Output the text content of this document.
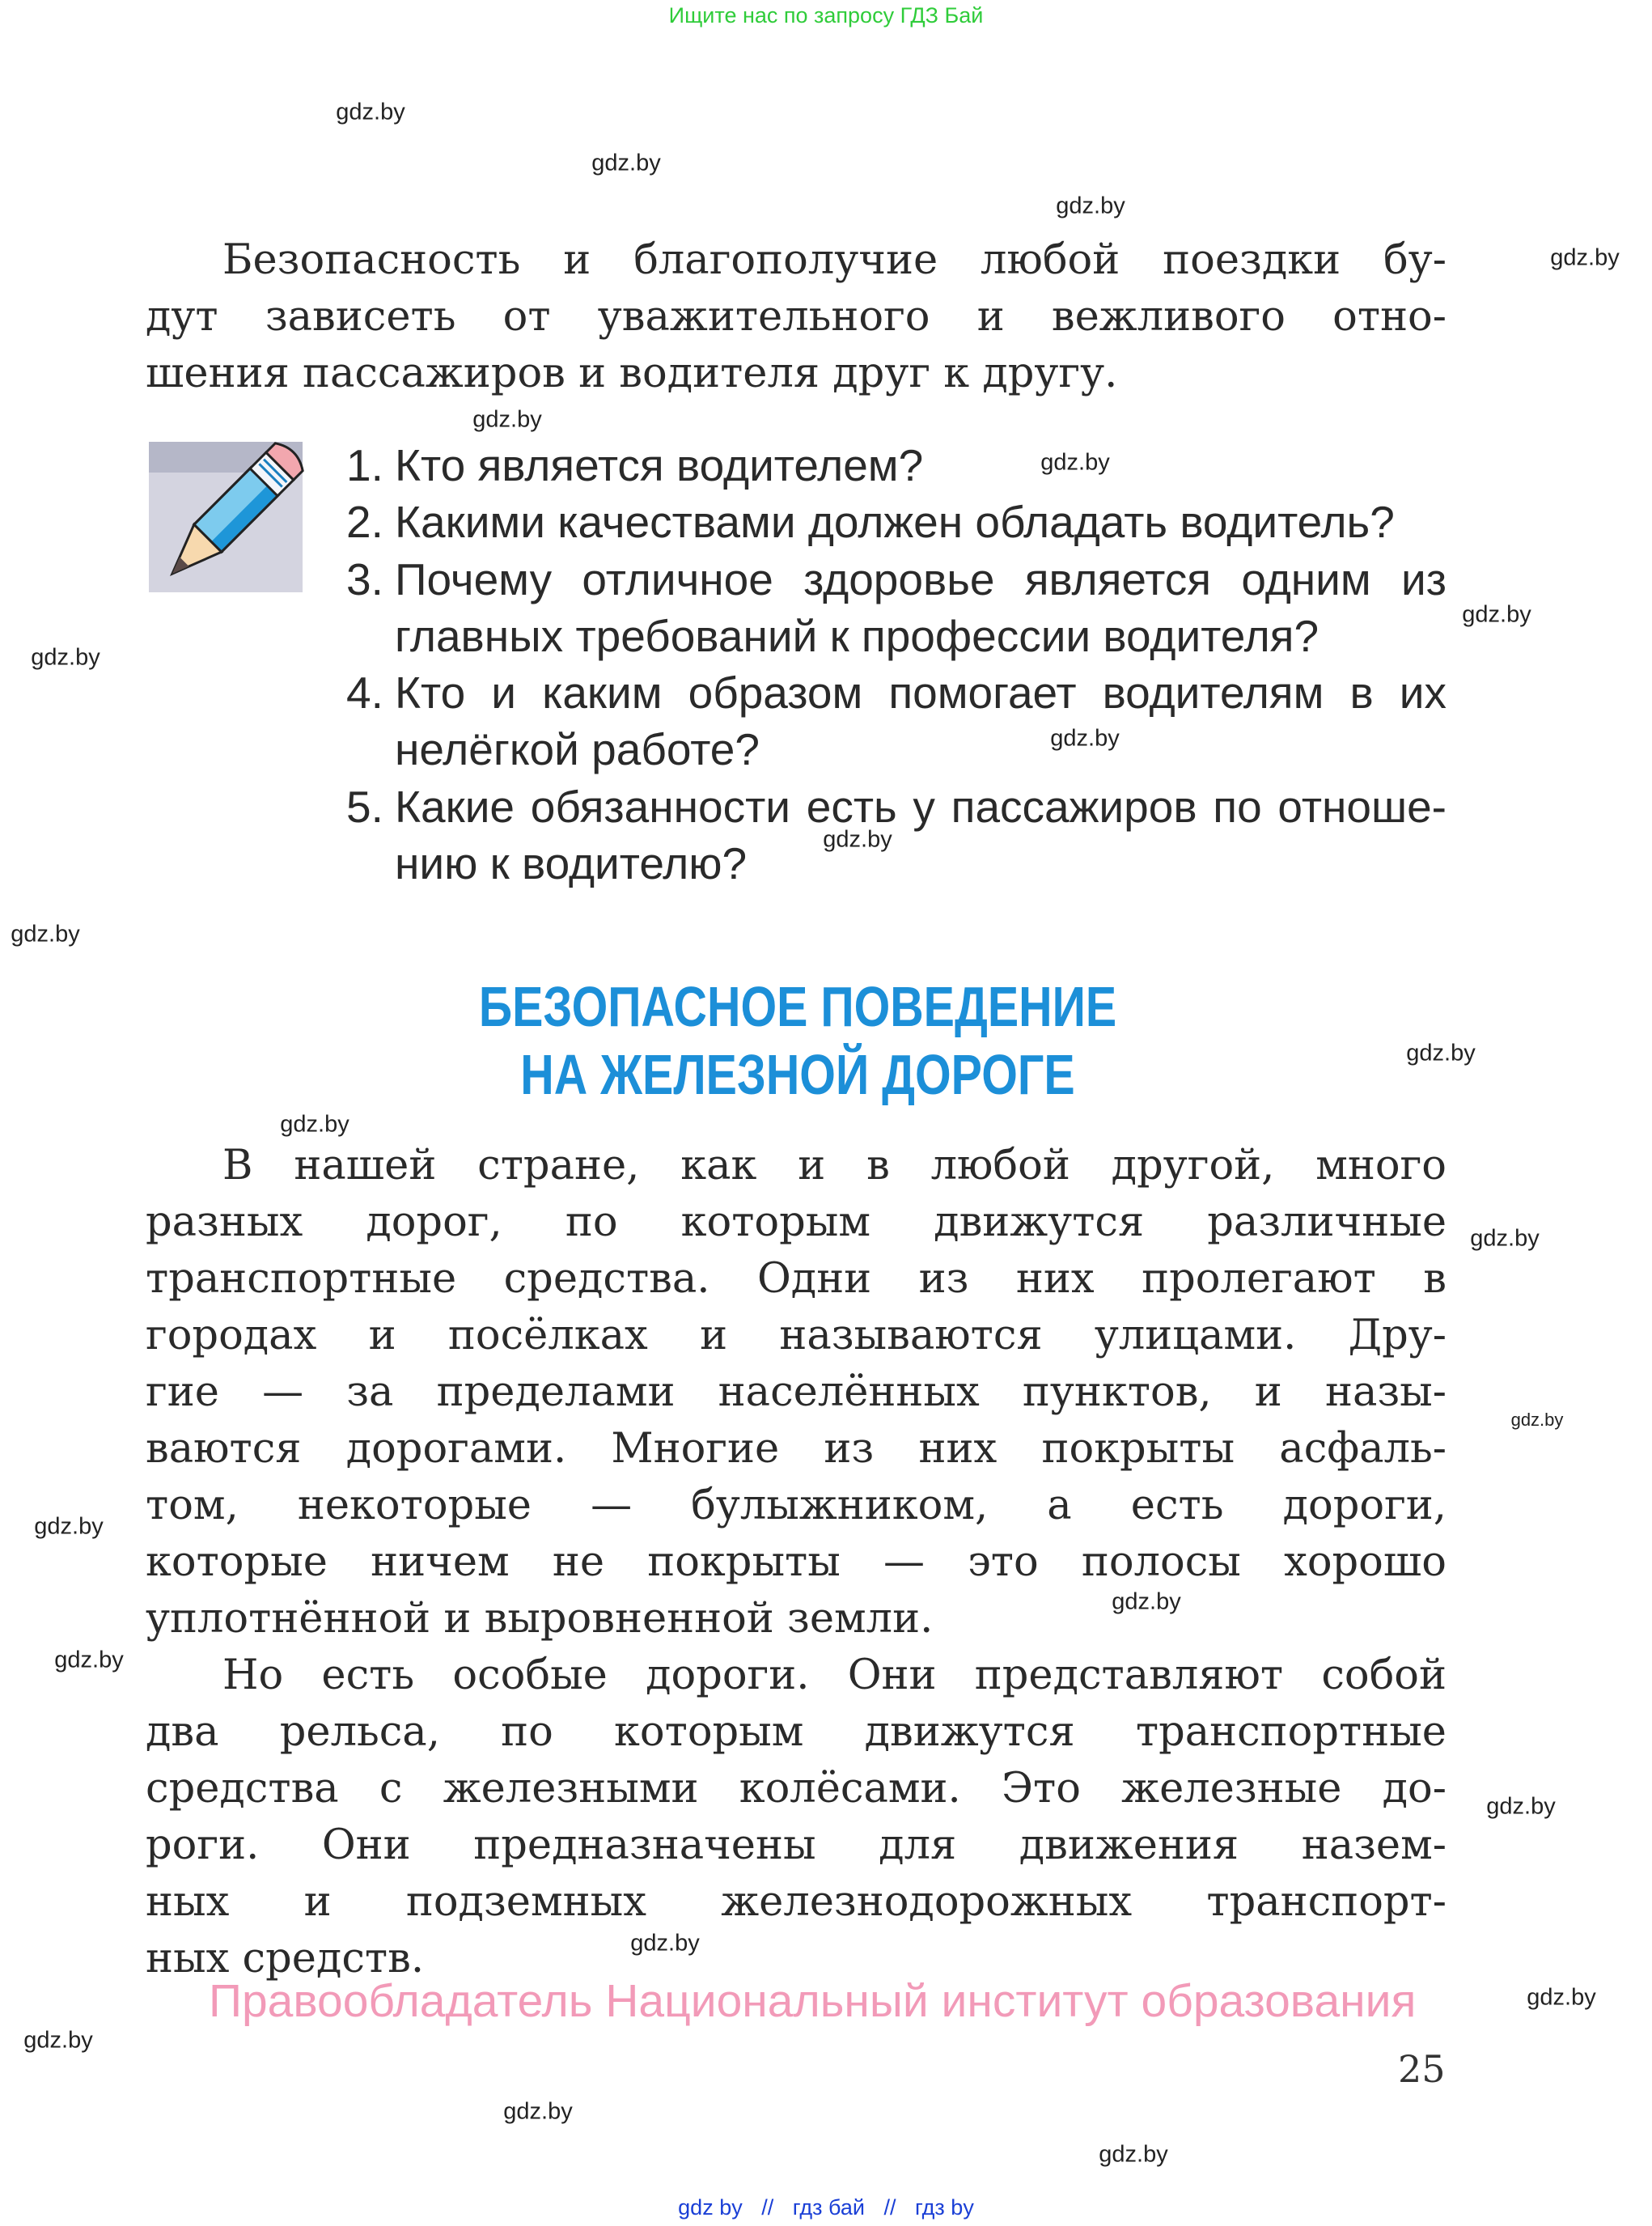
Ищите нас по запросу ГДЗ Бай
gdz.by
gdz.by
gdz.by
gdz.by
gdz.by
gdz.by
gdz.by
gdz.by
gdz.by
gdz.by
gdz.by
gdz.by
gdz.by
gdz.by
gdz.by
gdz.by
gdz.by
gdz.by
gdz.by
gdz.by
gdz.by
gdz.by
gdz.by
gdz.by
Безопасность и благополучие любой поездки бу-
дут зависеть от уважительного и вежливого отно-
шения пассажиров и водителя друг к другу.
1. Кто является водителем?
2. Какими качествами должен обладать водитель?
3. Почему отличное здоровье является одним из
главных требований к профессии водителя?
4. Кто и каким образом помогает водителям в их
нелёгкой работе?
5. Какие обязанности есть у пассажиров по отноше-
нию к водителю?
БЕЗОПАСНОЕ ПОВЕДЕНИЕ
НА ЖЕЛЕЗНОЙ ДОРОГЕ
В нашей стране, как и в любой другой, много
разных дорог, по которым движутся различные
транспортные средства. Одни из них пролегают в
городах и посёлках и называются улицами. Дру-
гие — за пределами населённых пунктов, и назы-
ваются дорогами. Многие из них покрыты асфаль-
том, некоторые — булыжником, а есть дороги,
которые ничем не покрыты — это полосы хорошо
уплотнённой и выровненной земли.
Но есть особые дороги. Они представляют собой
два рельса, по которым движутся транспортные
средства с железными колёсами. Это железные до-
роги. Они предназначены для движения назем-
ных и подземных железнодорожных транспорт-
ных средств.
25
Правообладатель Национальный институт образования
gdz by // гдз бай // гдз by
